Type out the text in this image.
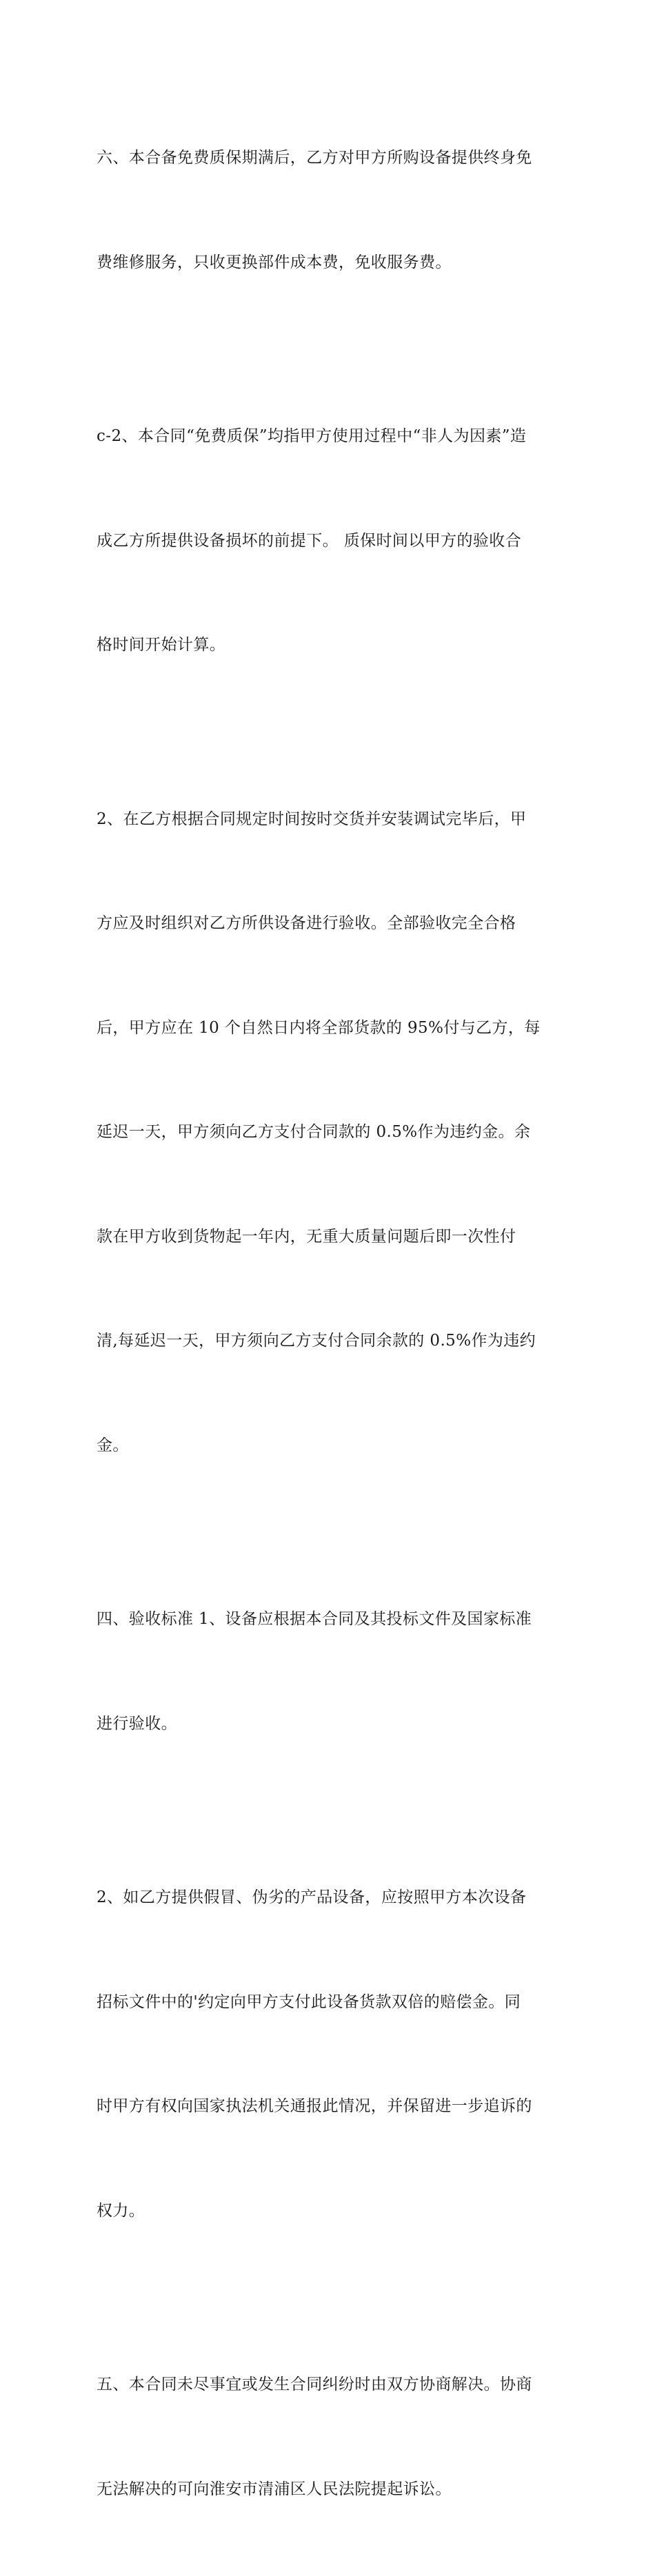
六、本合备免费质保期满后，乙方对甲方所购设备提供终身免

费维修服务，只收更换部件成本费，免收服务费。

c-2、本合同“免费质保”均指甲方使用过程中“非人为因素”造

成乙方所提供设备损坏的前提下。 质保时间以甲方的验收合

格时间开始计算。

2、在乙方根据合同规定时间按时交货并安装调试完毕后，甲

方应及时组织对乙方所供设备进行验收。全部验收完全合格

后，甲方应在 10 个自然日内将全部货款的 95%付与乙方，每

延迟一天，甲方须向乙方支付合同款的 0.5%作为违约金。余

款在甲方收到货物起一年内，无重大质量问题后即一次性付

清,每延迟一天，甲方须向乙方支付合同余款的 0.5%作为违约

金。

四、验收标准 1、设备应根据本合同及其投标文件及国家标准

进行验收。

2、如乙方提供假冒、伪劣的产品设备，应按照甲方本次设备

招标文件中的'约定向甲方支付此设备货款双倍的赔偿金。同

时甲方有权向国家执法机关通报此情况，并保留进一步追诉的

权力。

五、本合同未尽事宜或发生合同纠纷时由双方协商解决。协商

无法解决的可向淮安市清浦区人民法院提起诉讼。
